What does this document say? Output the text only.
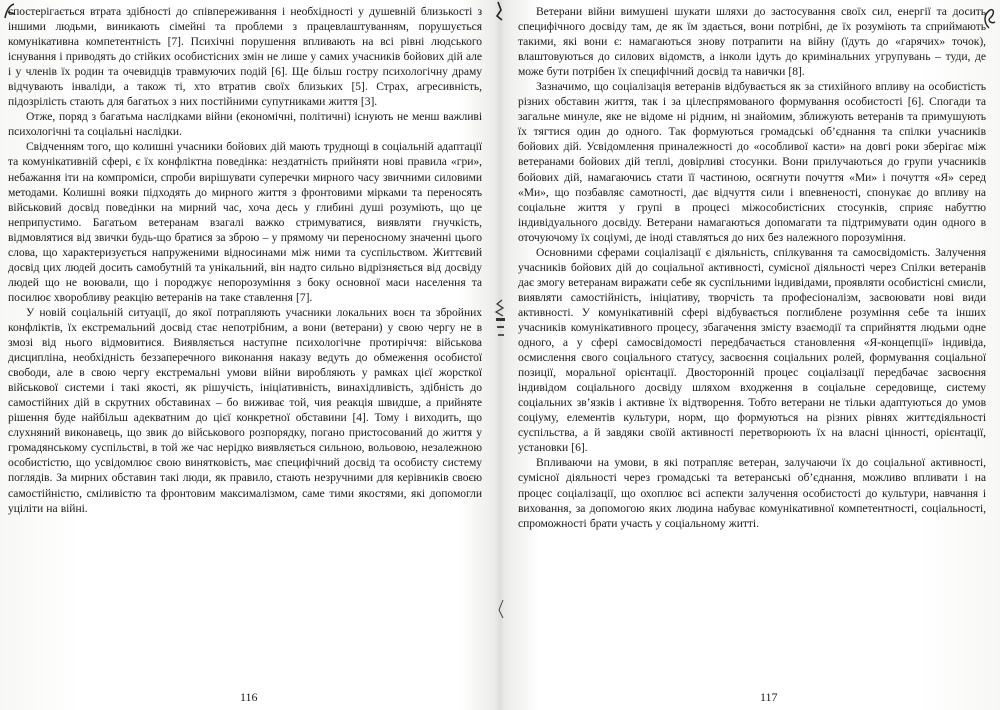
спостерігається втрата здібності до співпереживання і необхідності у душевній близькості з іншими людьми, виникають сімейні та проблеми з працевлаштуванням, порушується комунікативна компетентність [7]. Психічні порушення впливають на всі рівні людського існування і приводять до стійких особистісних змін не лише у самих учасників бойових дій але і у членів їх родин та очевидців травмуючих подій [6]. Ще більш гостру психологічну драму відчувають інваліди, а також ті, хто втратив своїх близьких [5]. Страх, агресивність, підозрілість стають для багатьох з них постійними супутниками життя [3].

Отже, поряд з багатьма наслідками війни (економічні, політичні) існують не менш важливі психологічні та соціальні наслідки.

Свідченням того, що колишні учасники бойових дій мають труднощі в соціальній адаптації та комунікативній сфері, є їх конфліктна поведінка: нездатність прийняти нові правила «гри», небажання іти на компроміси, спроби вирішувати суперечки мирного часу звичними силовими методами. Колишні вояки підходять до мирного життя з фронтовими мірками та переносять військовий досвід поведінки на мирний час, хоча десь у глибині душі розуміють, що це неприпустимо. Багатьом ветеранам взагалі важко стримуватися, виявляти гнучкість, відмовлятися від звички будь-що братися за зброю – у прямому чи переносному значенні цього слова, що характеризується напруженими відносинами між ними та суспільством. Життєвий досвід цих людей досить самобутній та унікальний, він надто сильно відрізняється від досвіду людей що не воювали, що і породжує непорозуміння з боку основної маси населення та посилює хворобливу реакцію ветеранів на таке ставлення [7].

У новій соціальній ситуації, до якої потрапляють учасники локальних воєн та збройних конфліктів, їх екстремальний досвід стає непотрібним, а вони (ветерани) у свою чергу не в змозі від нього відмовитися. Виявляється наступне психологічне протиріччя: військова дисципліна, необхідність беззаперечного виконання наказу ведуть до обмеження особистої свободи, але в свою чергу екстремальні умови війни виробляють у рамках цієї жорсткої військової системи і такі якості, як рішучість, ініціативність, винахідливість, здібність до самостійних дій в скрутних обставинах – бо виживає той, чия реакція швидше, а прийняте рішення буде найбільш адекватним до цієї конкретної обставини [4]. Тому і виходить, що слухняний виконавець, що звик до військового розпорядку, погано пристосований до життя у громадянському суспільстві, в той же час нерідко виявляється сильною, вольовою, незалежною особистістю, що усвідомлює свою винятковість, має специфічний досвід та особисту систему поглядів. За мирних обставин такі люди, як правило, стають незручними для керівників своєю самостійністю, сміливістю та фронтовим максималізмом, саме тими якостями, які допомогли уціліти на війні.

Ветерани війни вимушені шукати шляхи до застосування своїх сил, енергії та досить специфічного досвіду там, де як їм здається, вони потрібні, де їх розуміють та сприймають такими, які вони є: намагаються знову потрапити на війну (їдуть до «гарячих» точок), влаштовуються до силових відомств, а інколи ідуть до кримінальних угрупувань – туди, де може бути потрібен їх специфічний досвід та навички [8].

Зазначимо, що соціалізація ветеранів відбувається як за стихійного впливу на особистість різних обставин життя, так і за цілеспрямованого формування особистості [6]. Спогади та загальне минуле, яке не відоме ні рідним, ні знайомим, зближують ветеранів та примушують їх тягтися один до одного. Так формуються громадські об’єднання та спілки учасників бойових дій. Усвідомлення приналежності до «особливої касти» на довгі роки зберігає між ветеранами бойових дій теплі, довірливі стосунки. Вони прилучаються до групи учасників бойових дій, намагаючись стати її частиною, осягнути почуття «Ми» і почуття «Я» серед «Ми», що позбавляє самотності, дає відчуття сили і впевненості, спонукає до впливу на соціальне життя у групі в процесі міжособистісних стосунків, сприяє набуттю індивідуального досвіду. Ветерани намагаються допомагати та підтримувати один одного в оточуючому їх соціумі, де іноді ставляться до них без належного порозуміння.

Основними сферами соціалізації є діяльність, спілкування та самосвідомість. Залучення учасників бойових дій до соціальної активності, сумісної діяльності через Спілки ветеранів дає змогу ветеранам виражати себе як суспільними індивідами, проявляти особистісні смисли, виявляти самостійність, ініціативу, творчість та професіоналізм, засвоювати нові види активності. У комунікативній сфері відбувається поглиблене розуміння себе та інших учасників комунікативного процесу, збагачення змісту взаємодії та сприйняття людьми одне одного, а у сфері самосвідомості передбачається становлення «Я-концепції» індивіда, осмислення свого соціального статусу, засвоєння соціальних ролей, формування соціальної позиції, моральної орієнтації. Двосторонній процес соціалізації передбачає засвоєння індивідом соціального досвіду шляхом входження в соціальне середовище, систему соціальних зв’язків і активне їх відтворення. Тобто ветерани не тільки адаптуються до умов соціуму, елементів культури, норм, що формуються на різних рівнях життєдіяльності суспільства, а й завдяки своїй активності перетворюють їх на власні цінності, орієнтації, установки [6].

Впливаючи на умови, в які потрапляє ветеран, залучаючи їх до соціальної активності, сумісної діяльності через громадські та ветеранські об’єднання, можливо впливати і на процес соціалізації, що охоплює всі аспекти залучення особистості до культури, навчання і виховання, за допомогою яких людина набуває комунікативної компетентності, соціальності, спроможності брати участь у соціальному житті.

116	117
